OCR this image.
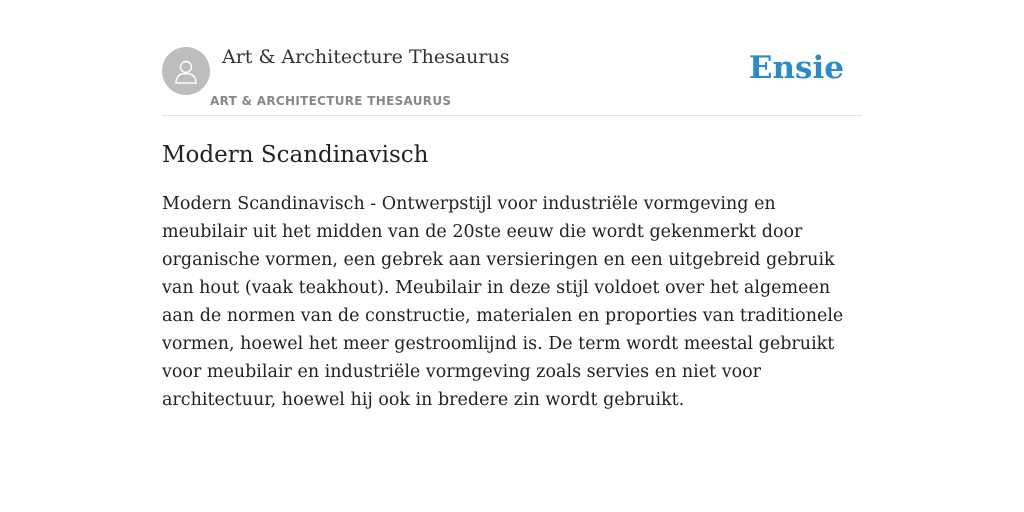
Art & Architecture Thesaurus
ART & ARCHITECTURE THESAURUS
Ensie
Modern Scandinavisch

Modern Scandinavisch - Ontwerpstijl voor industriële vormgeving en meubilair uit het midden van de 20ste eeuw die wordt gekenmerkt door organische vormen, een gebrek aan versieringen en een uitgebreid gebruik van hout (vaak teakhout). Meubilair in deze stijl voldoet over het algemeen aan de normen van de constructie, materialen en proporties van traditionele vormen, hoewel het meer gestroomlijnd is. De term wordt meestal gebruikt voor meubilair en industriële vormgeving zoals servies en niet voor architectuur, hoewel hij ook in bredere zin wordt gebruikt.
